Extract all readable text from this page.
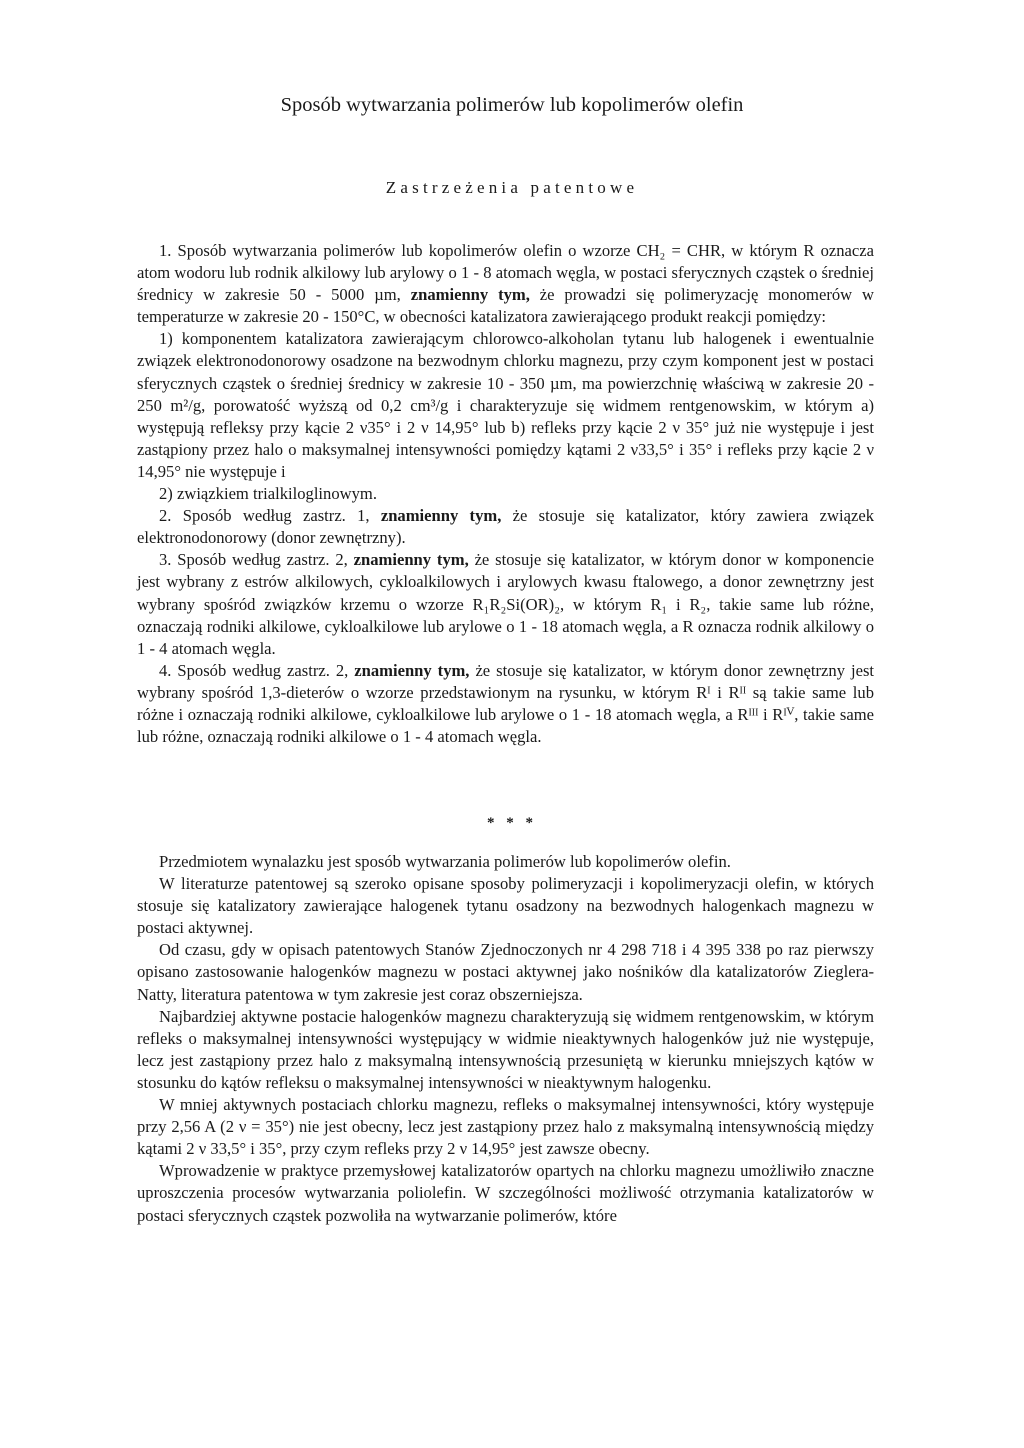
Sposób wytwarzania polimerów lub kopolimerów olefin
Zastrzeżenia patentowe

1. Sposób wytwarzania polimerów lub kopolimerów olefin o wzorze CH₂ = CHR, w którym R oznacza atom wodoru lub rodnik alkilowy lub arylowy o 1 - 8 atomach węgla, w postaci sferycznych cząstek o średniej średnicy w zakresie 50 - 5000 µm, znamienny tym, że prowadzi się polimeryzację monomerów w temperaturze w zakresie 20 - 150°C, w obecności katalizatora zawierającego produkt reakcji pomiędzy:

1) komponentem katalizatora zawierającym chlorowco-alkoholan tytanu lub halogenek i ewentualnie związek elektronodonorowy osadzone na bezwodnym chlorku magnezu, przy czym komponent jest w postaci sferycznych cząstek o średniej średnicy w zakresie 10 - 350 µm, ma powierzchnię właściwą w zakresie 20 - 250 m²/g, porowatość wyższą od 0,2 cm³/g i charakteryzuje się widmem rentgenowskim, w którym a) występują refleksy przy kącie 2 ν35° i 2 ν 14,95° lub b) refleks przy kącie 2 ν 35° już nie występuje i jest zastąpiony przez halo o maksymalnej intensywności pomiędzy kątami 2 ν33,5° i 35° i refleks przy kącie 2 ν 14,95° nie występuje i

2) związkiem trialkiloglinowym.

2. Sposób według zastrz. 1, znamienny tym, że stosuje się katalizator, który zawiera związek elektronodonorowy (donor zewnętrzny).

3. Sposób według zastrz. 2, znamienny tym, że stosuje się katalizator, w którym donor w komponencie jest wybrany z estrów alkilowych, cykloalkilowych i arylowych kwasu ftalowego, a donor zewnętrzny jest wybrany spośród związków krzemu o wzorze R₁R₂Si(OR)₂, w którym R₁ i R₂, takie same lub różne, oznaczają rodniki alkilowe, cykloalkilowe lub arylowe o 1 - 18 atomach węgla, a R oznacza rodnik alkilowy o 1 - 4 atomach węgla.

4. Sposób według zastrz. 2, znamienny tym, że stosuje się katalizator, w którym donor zewnętrzny jest wybrany spośród 1,3-dieterów o wzorze przedstawionym na rysunku, w którym Rᴵ i Rᴵᴵ są takie same lub różne i oznaczają rodniki alkilowe, cykloalkilowe lub arylowe o 1 - 18 atomach węgla, a Rᴵᴵᴵ i Rᴵⱽ, takie same lub różne, oznaczają rodniki alkilowe o 1 - 4 atomach węgla.

* * *

Przedmiotem wynalazku jest sposób wytwarzania polimerów lub kopolimerów olefin.

W literaturze patentowej są szeroko opisane sposoby polimeryzacji i kopolimeryzacji olefin, w których stosuje się katalizatory zawierające halogenek tytanu osadzony na bezwodnych halogenkach magnezu w postaci aktywnej.

Od czasu, gdy w opisach patentowych Stanów Zjednoczonych nr 4 298 718 i 4 395 338 po raz pierwszy opisano zastosowanie halogenków magnezu w postaci aktywnej jako nośników dla katalizatorów Zieglera-Natty, literatura patentowa w tym zakresie jest coraz obszerniejsza.

Najbardziej aktywne postacie halogenków magnezu charakteryzują się widmem rentgenowskim, w którym refleks o maksymalnej intensywności występujący w widmie nieaktywnych halogenków już nie występuje, lecz jest zastąpiony przez halo z maksymalną intensywnością przesuniętą w kierunku mniejszych kątów w stosunku do kątów refleksu o maksymalnej intensywności w nieaktywnym halogenku.

W mniej aktywnych postaciach chlorku magnezu, refleks o maksymalnej intensywności, który występuje przy 2,56 A (2 ν = 35°) nie jest obecny, lecz jest zastąpiony przez halo z maksymalną intensywnością między kątami 2 ν 33,5° i 35°, przy czym refleks przy 2 ν 14,95° jest zawsze obecny.

Wprowadzenie w praktyce przemysłowej katalizatorów opartych na chlorku magnezu umożliwiło znaczne uproszczenia procesów wytwarzania poliolefin. W szczególności możliwość otrzymania katalizatorów w postaci sferycznych cząstek pozwoliła na wytwarzanie polimerów, które
